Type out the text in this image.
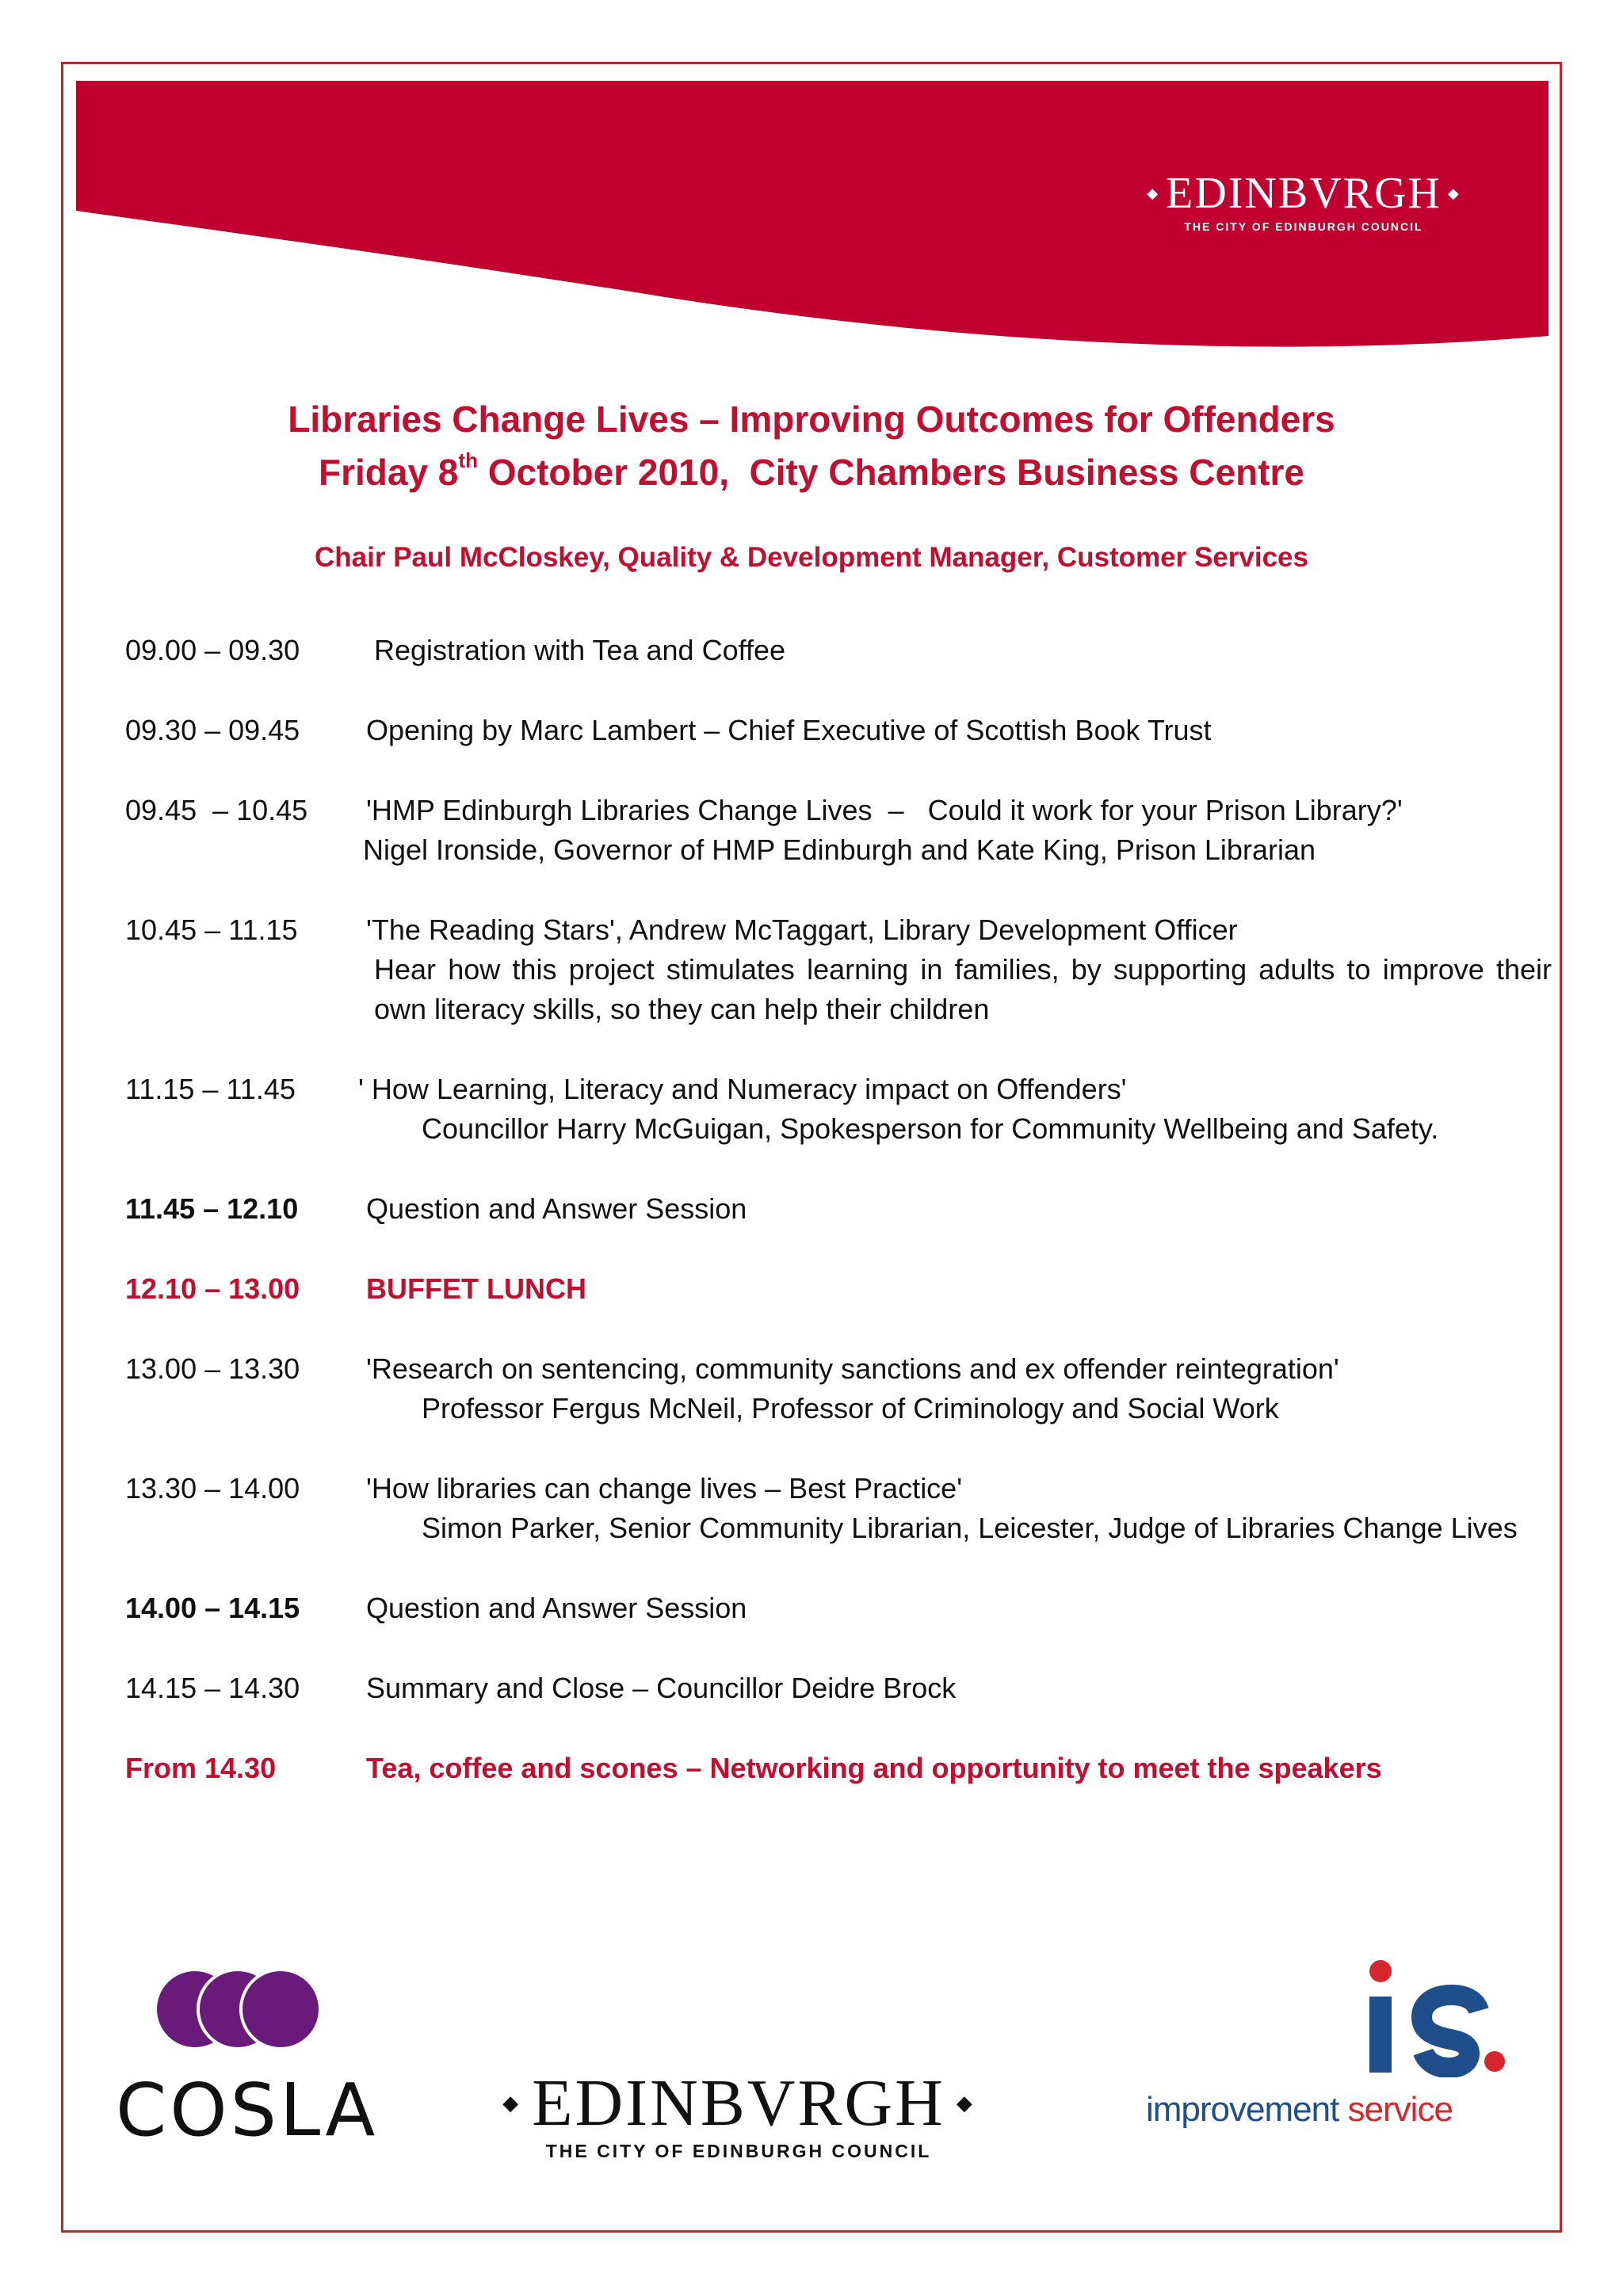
◆ EDINBVRGH ◆
THE CITY OF EDINBURGH COUNCIL
Libraries Change Lives – Improving Outcomes for Offenders
Friday 8th October 2010,  City Chambers Business Centre
Chair Paul McCloskey, Quality & Development Manager, Customer Services
09.00 – 09.30	Registration with Tea and Coffee
09.30 – 09.45 Opening by Marc Lambert – Chief Executive of Scottish Book Trust
09.45  – 10.45 'HMP Edinburgh Libraries Change Lives  –   Could it work for your Prison Library?'
Nigel Ironside, Governor of HMP Edinburgh and Kate King, Prison Librarian
10.45 – 11.15 'The Reading Stars', Andrew McTaggart, Library Development Officer
Hear how this project stimulates learning in families, by supporting adults to improve their own literacy skills, so they can help their children
11.15 – 11.45 ' How Learning, Literacy and Numeracy impact on Offenders'
Councillor Harry McGuigan, Spokesperson for Community Wellbeing and Safety.
11.45 – 12.10 Question and Answer Session
12.10 – 13.00 BUFFET LUNCH
13.00 – 13.30 'Research on sentencing, community sanctions and ex offender reintegration'
Professor Fergus McNeil, Professor of Criminology and Social Work
13.30 – 14.00 'How libraries can change lives – Best Practice'
Simon Parker, Senior Community Librarian, Leicester, Judge of Libraries Change Lives
14.00 – 14.15 Question and Answer Session
14.15 – 14.30 Summary and Close – Councillor Deidre Brock
From 14.30	Tea, coffee and scones – Networking and opportunity to meet the speakers
COSLA	◆ EDINBVRGH ◆
THE CITY OF EDINBURGH COUNCIL
improvement service
